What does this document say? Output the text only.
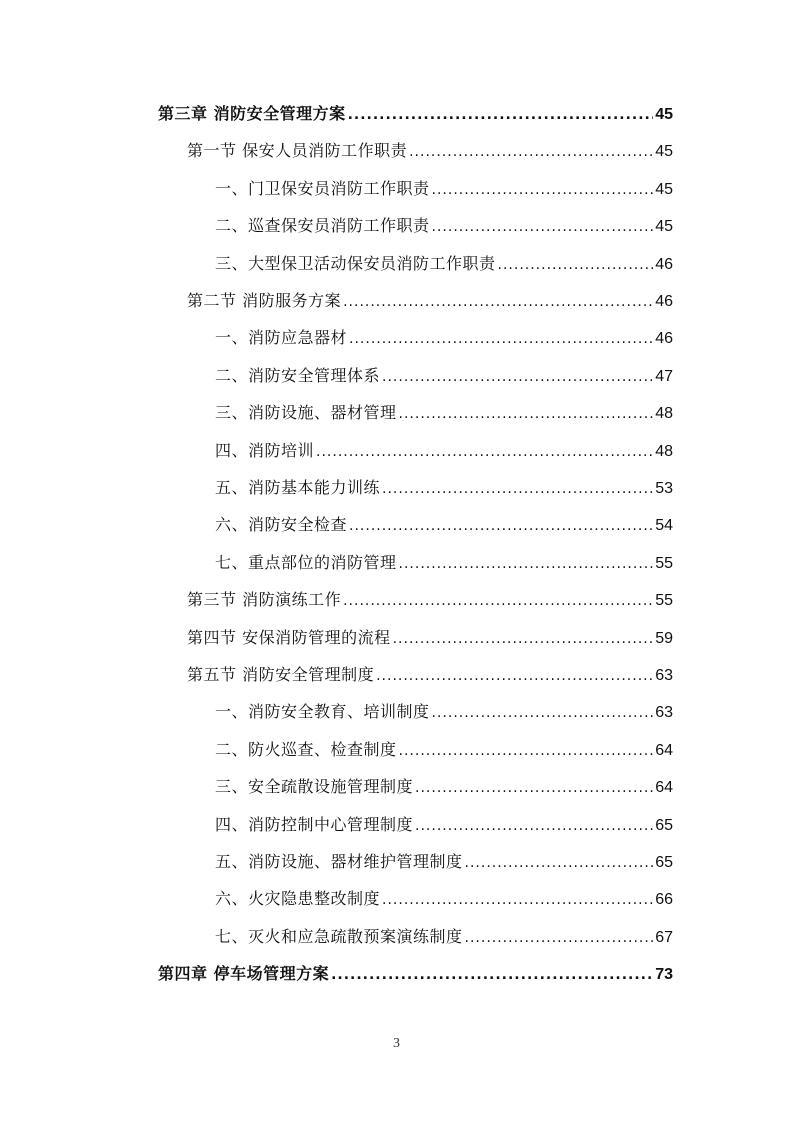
第三章 消防安全管理方案 .....	45
第一节 保安人员消防工作职责 .....	45
一、门卫保安员消防工作职责 .....	45
二、巡查保安员消防工作职责 .....	45
三、大型保卫活动保安员消防工作职责 .....	46
第二节 消防服务方案 .....	46
一、消防应急器材 .....	46
二、消防安全管理体系 .....	47
三、消防设施、器材管理 .....	48
四、消防培训 .....	48
五、消防基本能力训练 .....	53
六、消防安全检查 .....	54
七、重点部位的消防管理 .....	55
第三节 消防演练工作 .....	55
第四节 安保消防管理的流程 .....	59
第五节 消防安全管理制度 .....	63
一、消防安全教育、培训制度 .....	63
二、防火巡查、检查制度 .....	64
三、安全疏散设施管理制度 .....	64
四、消防控制中心管理制度 .....	65
五、消防设施、器材维护管理制度 .....	65
六、火灾隐患整改制度 .....	66
七、灭火和应急疏散预案演练制度 .....	67
第四章 停车场管理方案 .....	73
3
